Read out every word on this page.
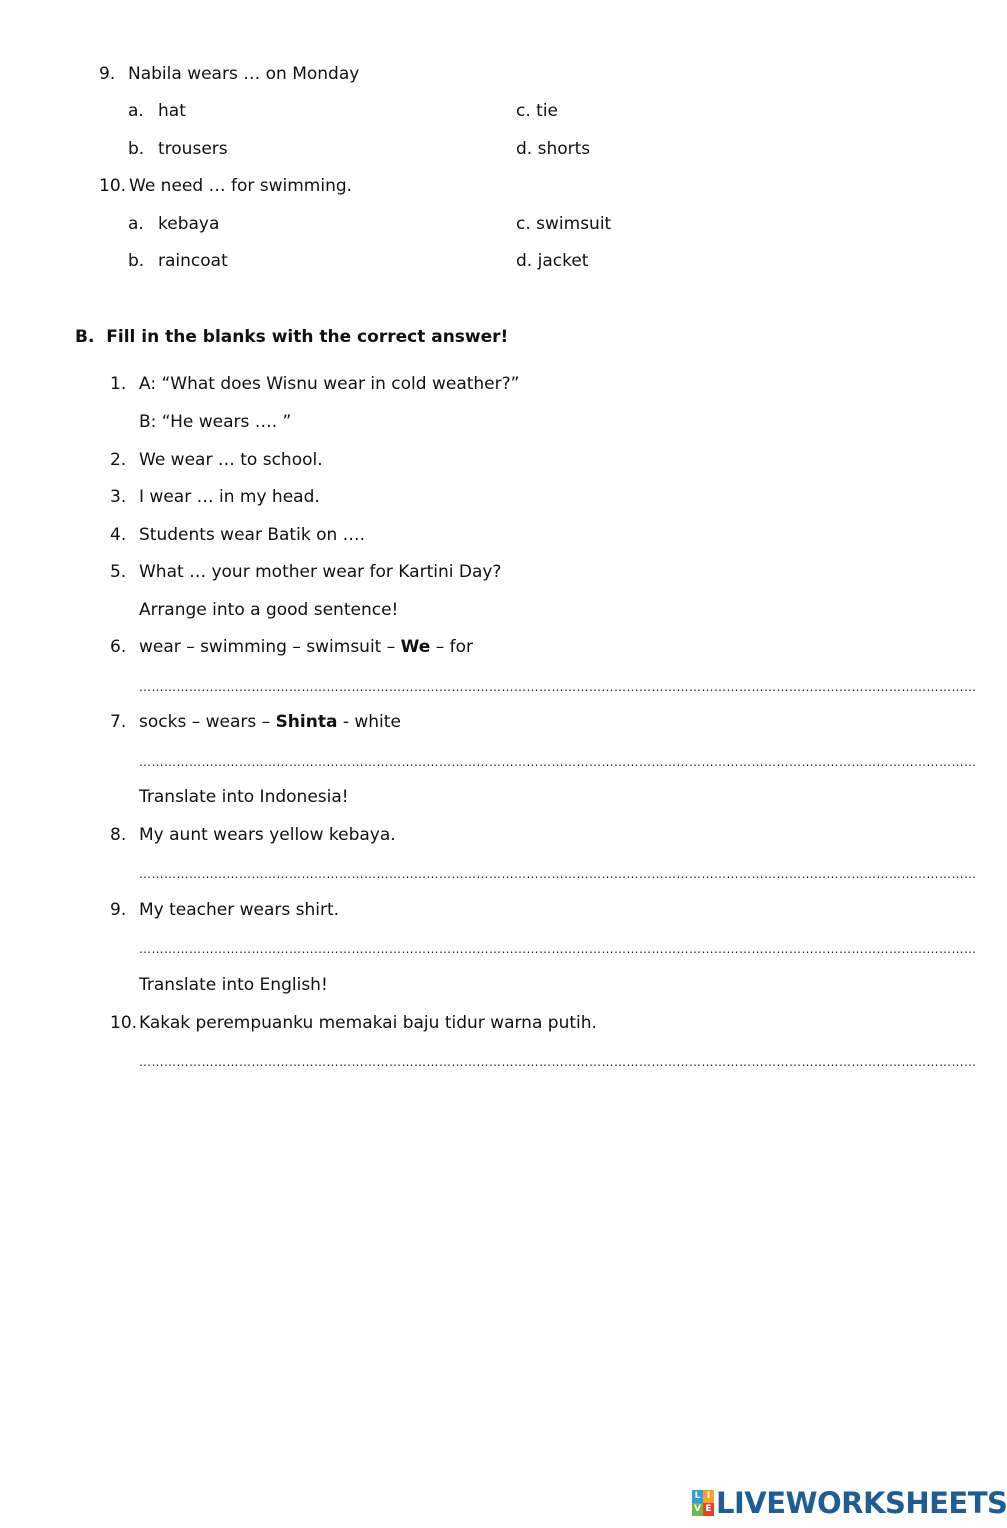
9. Nabila wears … on Monday
a. hat
b. trousers
c. tie
d. shorts
10. We need … for swimming.
a. kebaya
b. raincoat
c. swimsuit
d. jacket
B.  Fill in the blanks with the correct answer!
1. A: “What does Wisnu wear in cold weather?”
B: “He wears …. ”
2. We wear … to school.
3. I wear … in my head.
4. Students wear Batik on ….
5. What … your mother wear for Kartini Day?
Arrange into a good sentence!
6. wear – swimming – swimsuit – We – for
…………………………………………………………………………………………………………………………………………………………………………………
7. socks – wears – Shinta - white
…………………………………………………………………………………………………………………………………………………………………………………
Translate into Indonesia!
8. My aunt wears yellow kebaya.
…………………………………………………………………………………………………………………………………………………………………………………
9. My teacher wears shirt.
…………………………………………………………………………………………………………………………………………………………………………………
Translate into English!
10. Kakak perempuanku memakai baju tidur warna putih.
…………………………………………………………………………………………………………………………………………………………………………………
L I
V E LIVEWORKSHEETS
